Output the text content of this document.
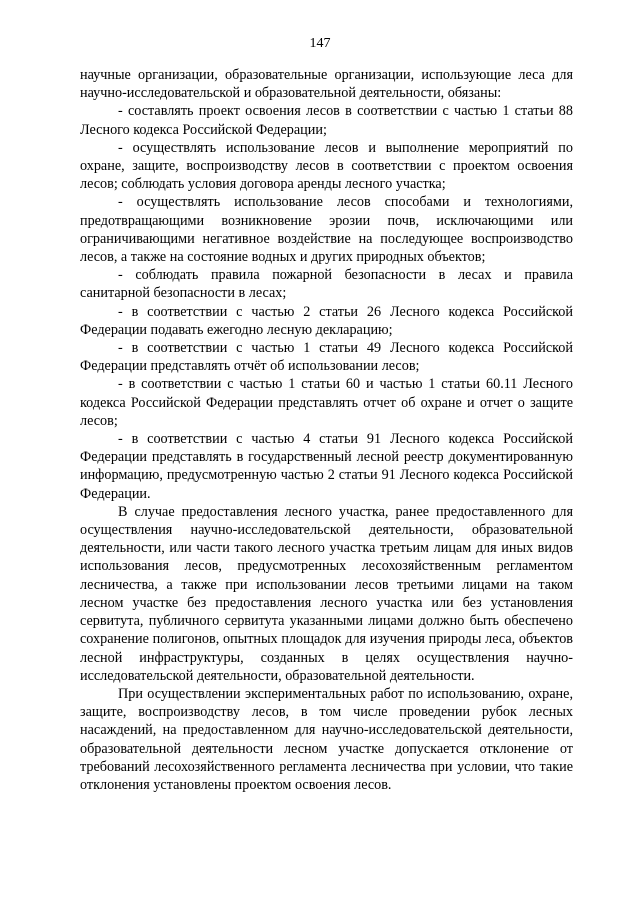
147

научные организации, образовательные организации, использующие леса для научно-исследовательской и образовательной деятельности, обязаны:

- составлять проект освоения лесов в соответствии с частью 1 статьи 88 Лесного кодекса Российской Федерации;

- осуществлять использование лесов и выполнение мероприятий по охране, защите, воспроизводству лесов в соответствии с проектом освоения лесов; соблюдать условия договора аренды лесного участка;

- осуществлять использование лесов способами и технологиями, предотвращающими возникновение эрозии почв, исключающими или ограничивающими негативное воздействие на последующее воспроизводство лесов, а также на состояние водных и других природных объектов;

- соблюдать правила пожарной безопасности в лесах и правила санитарной безопасности в лесах;

- в соответствии с частью 2 статьи 26 Лесного кодекса Российской Федерации подавать ежегодно лесную декларацию;

- в соответствии с частью 1 статьи 49 Лесного кодекса Российской Федерации представлять отчёт об использовании лесов;

- в соответствии с частью 1 статьи 60 и частью 1 статьи 60.11 Лесного кодекса Российской Федерации представлять отчет об охране и отчет о защите лесов;

- в соответствии с частью 4 статьи 91 Лесного кодекса Российской Федерации представлять в государственный лесной реестр документированную информацию, предусмотренную частью 2 статьи 91 Лесного кодекса Российской Федерации.

В случае предоставления лесного участка, ранее предоставленного для осуществления научно-исследовательской деятельности, образовательной деятельности, или части такого лесного участка третьим лицам для иных видов использования лесов, предусмотренных лесохозяйственным регламентом лесничества, а также при использовании лесов третьими лицами на таком лесном участке без предоставления лесного участка или без установления сервитута, публичного сервитута указанными лицами должно быть обеспечено сохранение полигонов, опытных площадок для изучения природы леса, объектов лесной инфраструктуры, созданных в целях осуществления научно-исследовательской деятельности, образовательной деятельности.

При осуществлении экспериментальных работ по использованию, охране, защите, воспроизводству лесов, в том числе проведении рубок лесных насаждений, на предоставленном для научно-исследовательской деятельности, образовательной деятельности лесном участке допускается отклонение от требований лесохозяйственного регламента лесничества при условии, что такие отклонения установлены проектом освоения лесов.
